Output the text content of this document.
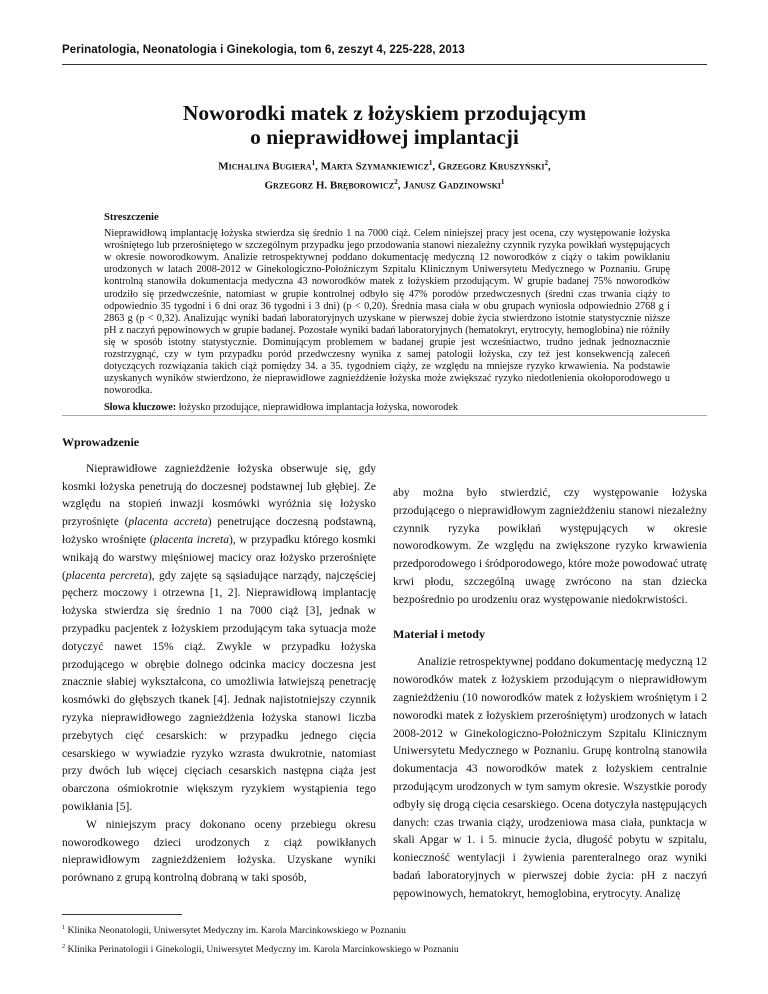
Perinatologia, Neonatologia i Ginekologia, tom 6, zeszyt 4, 225-228, 2013
Noworodki matek z łożyskiem przodującym
o nieprawidłowej implantacji
Michalina Bugiera$^1$, Marta Szymankiewicz$^1$, Grzegorz Kruszyński$^2$,
Grzegorz H. Bręborowicz$^2$, Janusz Gadzinowski$^1$
Streszczenie

Nieprawidłową implantację łożyska stwierdza się średnio 1 na 7000 ciąż. Celem niniejszej pracy jest ocena, czy występowanie łożyska wrośniętego lub przerośniętego w szczególnym przypadku jego przodowania stanowi niezależny czynnik ryzyka powikłań występujących w okresie noworodkowym. Analizie retrospektywnej poddano dokumentację medyczną 12 noworodków z ciąży o takim powikłaniu urodzonych w latach 2008-2012 w Ginekologiczno-Położniczym Szpitalu Klinicznym Uniwersytetu Medycznego w Poznaniu. Grupę kontrolną stanowiła dokumentacja medyczna 43 noworodków matek z łożyskiem przodującym. W grupie badanej 75% noworodków urodziło się przedwcześnie, natomiast w grupie kontrolnej odbyło się 47% porodów przedwczesnych (średni czas trwania ciąży to odpowiednio 35 tygodni i 6 dni oraz 36 tygodni i 3 dni) (p < 0,20). Średnia masa ciała w obu grupach wyniosła odpowiednio 2768 g i 2863 g (p < 0,32). Analizując wyniki badań laboratoryjnych uzyskane w pierwszej dobie życia stwierdzono istotnie statystycznie niższe pH z naczyń pępowinowych w grupie badanej. Pozostałe wyniki badań laboratoryjnych (hematokryt, erytrocyty, hemoglobina) nie różniły się w sposób istotny statystycznie. Dominującym problemem w badanej grupie jest wcześniactwo, trudno jednak jednoznacznie rozstrzygnąć, czy w tym przypadku poród przedwczesny wynika z samej patologii łożyska, czy też jest konsekwencją zaleceń dotyczących rozwiązania takich ciąż pomiędzy 34. a 35. tygodniem ciąży, ze względu na mniejsze ryzyko krwawienia. Na podstawie uzyskanych wyników stwierdzono, że nieprawidłowe zagnieżdżenie łożyska może zwiększać ryzyko niedotlenienia okołoporodowego u noworodka.

Słowa kluczowe: łożysko przodujące, nieprawidłowa implantacja łożyska, noworodek
Wprowadzenie

Nieprawidłowe zagnieżdżenie łożyska obserwuje się, gdy kosmki łożyska penetrują do doczesnej podstawnej lub głębiej. Ze względu na stopień inwazji kosmówki wyróżnia się łożysko przyrośnięte (placenta accreta) penetrujące doczesną podstawną, łożysko wrośnięte (placenta increta), w przypadku którego kosmki wnikają do warstwy mięśniowej macicy oraz łożysko przerośnięte (placenta percreta), gdy zajęte są sąsiadujące narządy, najczęściej pęcherz moczowy i otrzewna [1, 2]. Nieprawidłową implantację łożyska stwierdza się średnio 1 na 7000 ciąż [3], jednak w przypadku pacjentek z łożyskiem przodującym taka sytuacja może dotyczyć nawet 15% ciąż. Zwykle w przypadku łożyska przodującego w obrębie dolnego odcinka macicy doczesna jest znacznie słabiej wykształcona, co umożliwia łatwiejszą penetrację kosmówki do głębszych tkanek [4]. Jednak najistotniejszy czynnik ryzyka nieprawidłowego zagnieżdżenia łożyska stanowi liczba przebytych cięć cesarskich: w przypadku jednego cięcia cesarskiego w wywiadzie ryzyko wzrasta dwukrotnie, natomiast przy dwóch lub więcej cięciach cesarskich następna ciąża jest obarczona ośmiokrotnie większym ryzykiem wystąpienia tego powikłania [5].

W niniejszym pracy dokonano oceny przebiegu okresu noworodkowego dzieci urodzonych z ciąż powikłanych nieprawidłowym zagnieżdżeniem łożyska. Uzyskane wyniki porównano z grupą kontrolną dobraną w taki sposób,

aby można było stwierdzić, czy występowanie łożyska przodującego o nieprawidłowym zagnieżdżeniu stanowi niezależny czynnik ryzyka powikłań występujących w okresie noworodkowym. Ze względu na zwiększone ryzyko krwawienia przedporodowego i śródporodowego, które może powodować utratę krwi płodu, szczególną uwagę zwrócono na stan dziecka bezpośrednio po urodzeniu oraz występowanie niedokrwistości.

Materiał i metody

Analizie retrospektywnej poddano dokumentację medyczną 12 noworodków matek z łożyskiem przodującym o nieprawidłowym zagnieżdżeniu (10 noworodków matek z łożyskiem wrośniętym i 2 noworodki matek z łożyskiem przerośniętym) urodzonych w latach 2008-2012 w Ginekologiczno-Położniczym Szpitalu Klinicznym Uniwersytetu Medycznego w Poznaniu. Grupę kontrolną stanowiła dokumentacja 43 noworodków matek z łożyskiem centralnie przodującym urodzonych w tym samym okresie. Wszystkie porody odbyły się drogą cięcia cesarskiego. Ocena dotyczyła następujących danych: czas trwania ciąży, urodzeniowa masa ciała, punktacja w skali Apgar w 1. i 5. minucie życia, długość pobytu w szpitalu, konieczność wentylacji i żywienia parenteralnego oraz wyniki badań laboratoryjnych w pierwszej dobie życia: pH z naczyń pępowinowych, hematokryt, hemoglobina, erytrocyty. Analizę

$^1$ Klinika Neonatologii, Uniwersytet Medyczny im. Karola Marcinkowskiego w Poznaniu
$^2$ Klinika Perinatologii i Ginekologii, Uniwersytet Medyczny im. Karola Marcinkowskiego w Poznaniu
